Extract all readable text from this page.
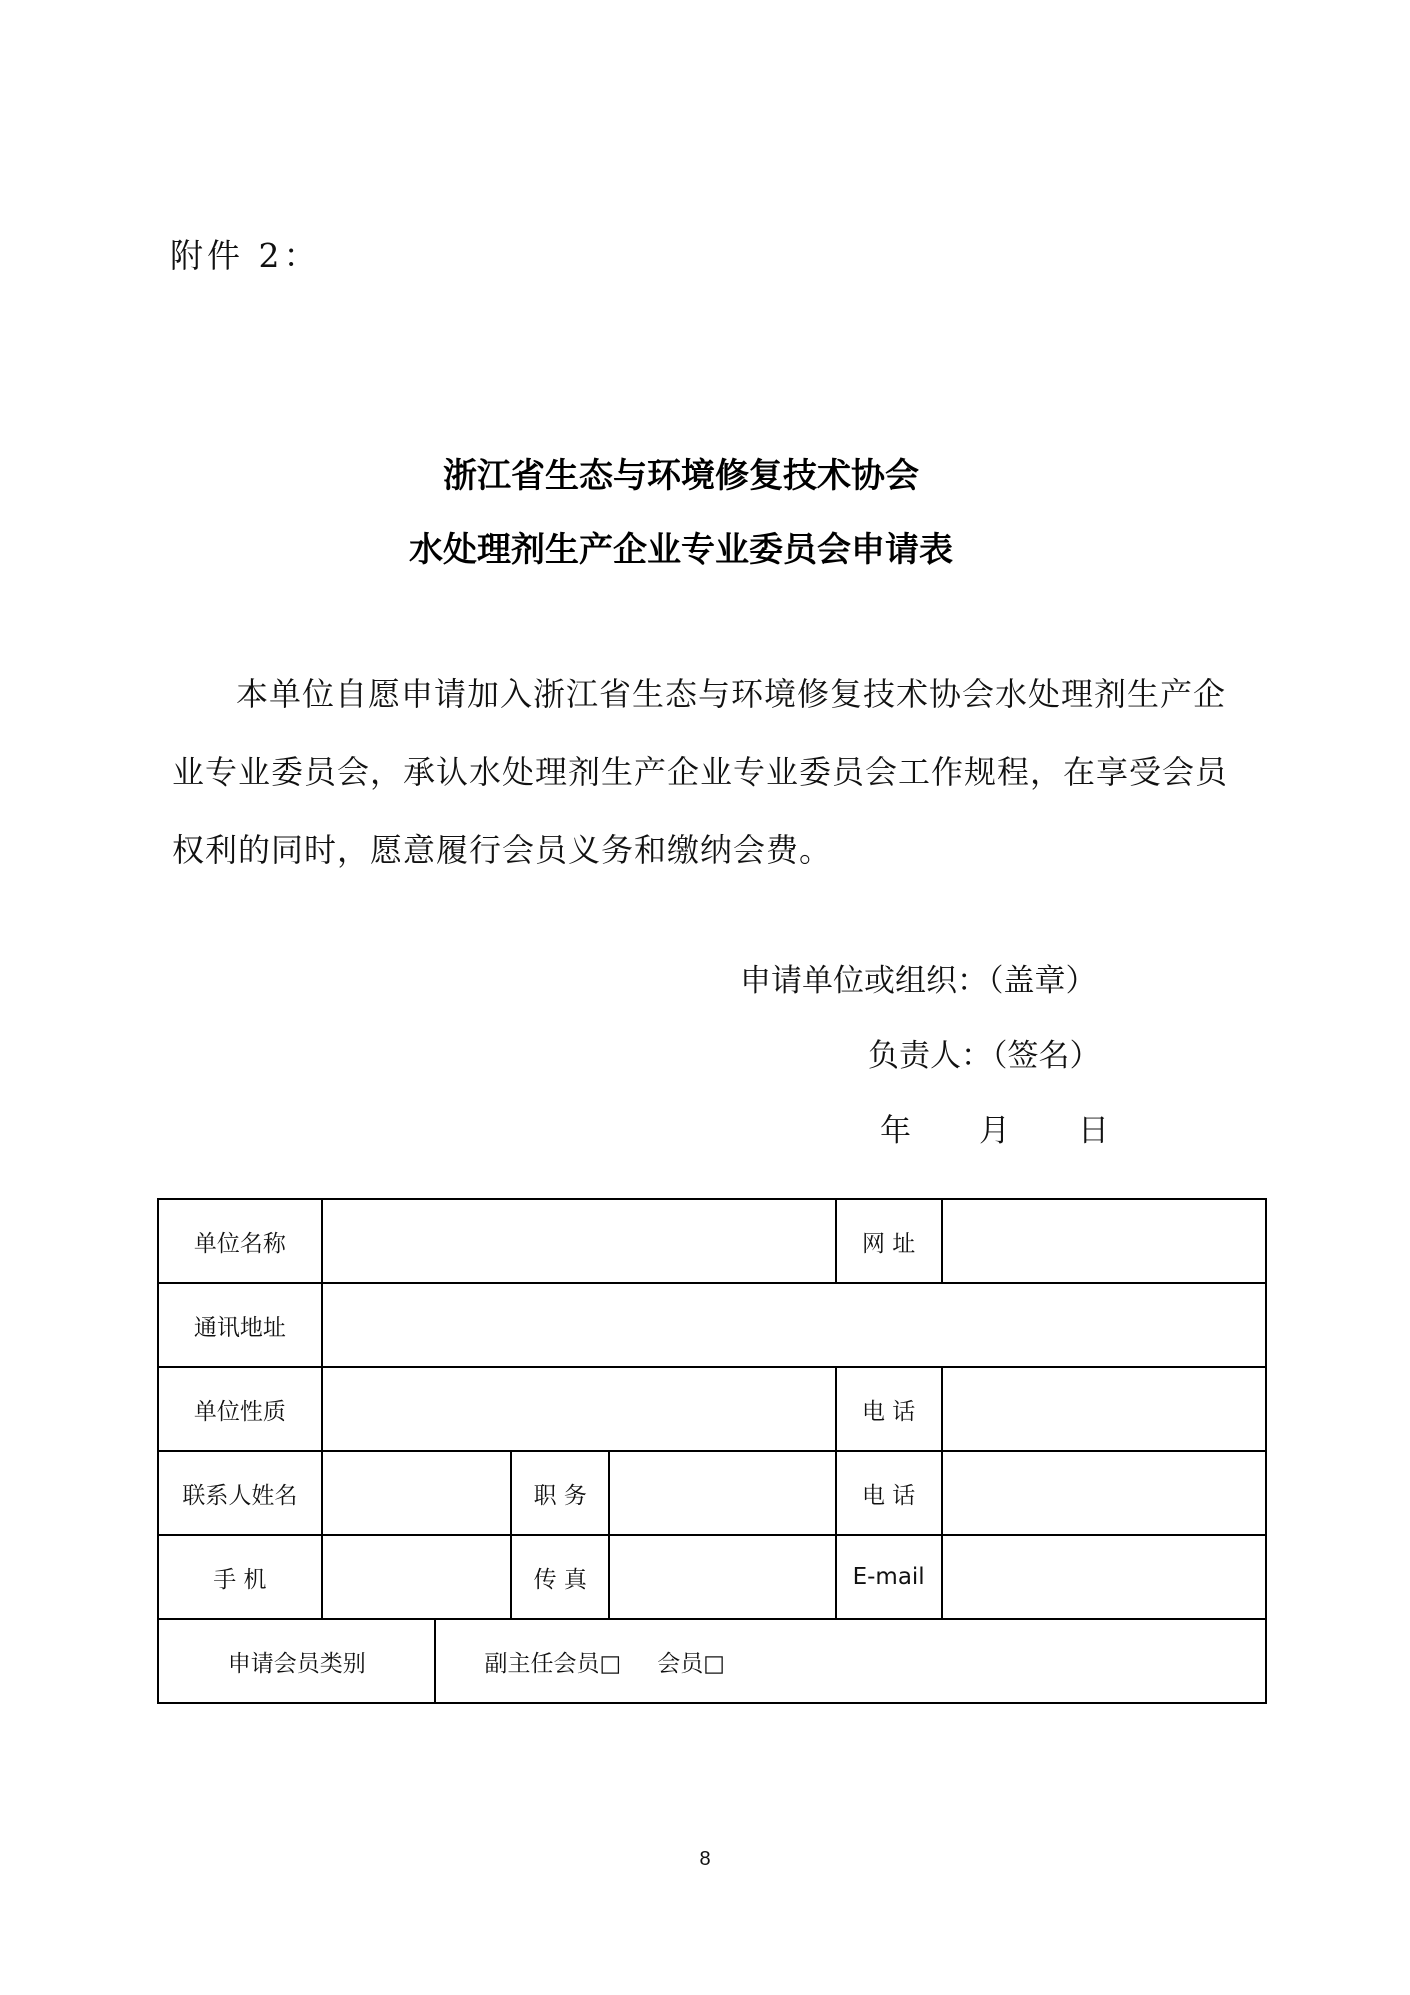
附件 2：
浙江省生态与环境修复技术协会
水处理剂生产企业专业委员会申请表
本单位自愿申请加入浙江省生态与环境修复技术协会水处理剂生产企业专业委员会，承认水处理剂生产企业专业委员会工作规程，在享受会员权利的同时，愿意履行会员义务和缴纳会费。
申请单位或组织：（盖章）
负责人：（签名）
年 月 日
单位名称					网 址	
通讯地址						
单位性质					电 话	
联系人姓名			职 务		电 话	
手 机			传 真		E-mail	
申请会员类别		副主任会员□ 会员□				
8
